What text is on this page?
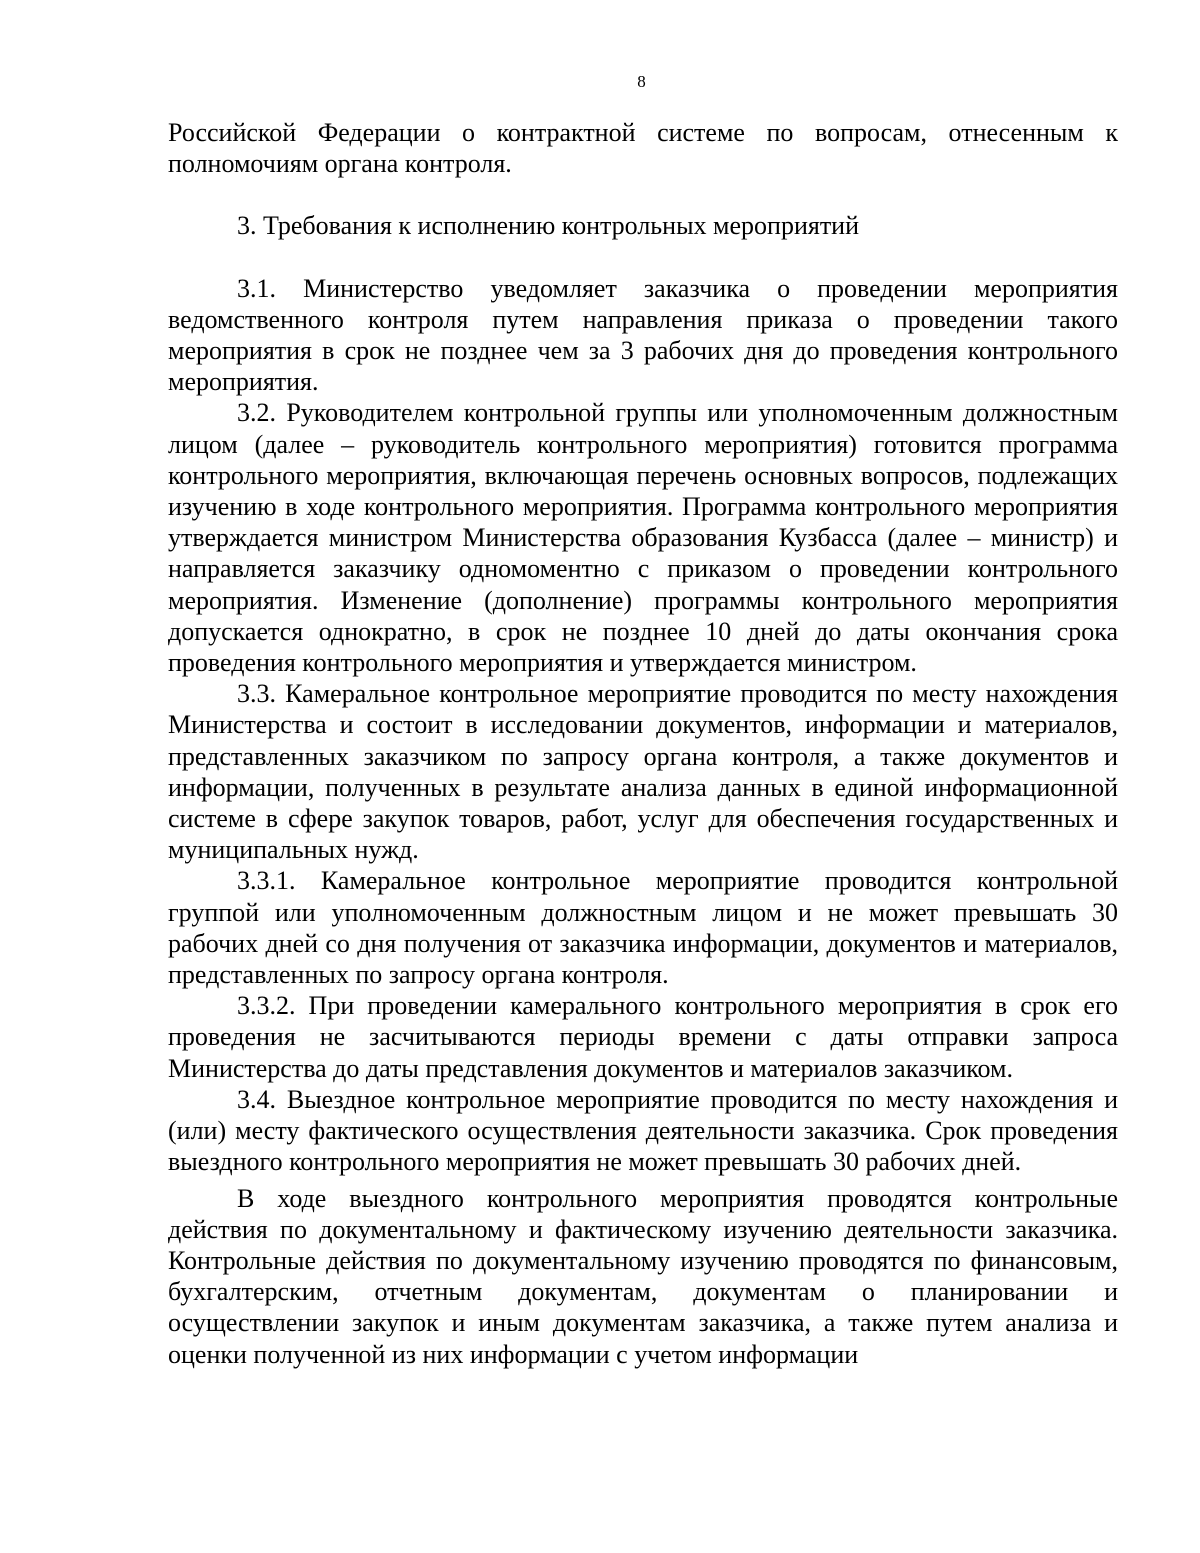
8

Российской Федерации о контрактной системе по вопросам, отнесенным к полномочиям органа контроля.

3. Требования к исполнению контрольных мероприятий

3.1. Министерство уведомляет заказчика о проведении мероприятия ведомственного контроля путем направления приказа о проведении такого мероприятия в срок не позднее чем за 3 рабочих дня до проведения контрольного мероприятия.

3.2. Руководителем контрольной группы или уполномоченным должностным лицом (далее – руководитель контрольного мероприятия) готовится программа контрольного мероприятия, включающая перечень основных вопросов, подлежащих изучению в ходе контрольного мероприятия. Программа контрольного мероприятия утверждается министром Министерства образования Кузбасса (далее – министр) и направляется заказчику одномоментно с приказом о проведении контрольного мероприятия. Изменение (дополнение) программы контрольного мероприятия допускается однократно, в срок не позднее 10 дней до даты окончания срока проведения контрольного мероприятия и утверждается министром.

3.3. Камеральное контрольное мероприятие проводится по месту нахождения Министерства и состоит в исследовании документов, информации и материалов, представленных заказчиком по запросу органа контроля, а также документов и информации, полученных в результате анализа данных в единой информационной системе в сфере закупок товаров, работ, услуг для обеспечения государственных и муниципальных нужд.

3.3.1. Камеральное контрольное мероприятие проводится контрольной группой или уполномоченным должностным лицом и не может превышать 30 рабочих дней со дня получения от заказчика информации, документов и материалов, представленных по запросу органа контроля.

3.3.2. При проведении камерального контрольного мероприятия в срок его проведения не засчитываются периоды времени с даты отправки запроса Министерства до даты представления документов и материалов заказчиком.

3.4. Выездное контрольное мероприятие проводится по месту нахождения и (или) месту фактического осуществления деятельности заказчика. Срок проведения выездного контрольного мероприятия не может превышать 30 рабочих дней.

В ходе выездного контрольного мероприятия проводятся контрольные действия по документальному и фактическому изучению деятельности заказчика. Контрольные действия по документальному изучению проводятся по финансовым, бухгалтерским, отчетным документам, документам о планировании и осуществлении закупок и иным документам заказчика, а также путем анализа и оценки полученной из них информации с учетом информации
